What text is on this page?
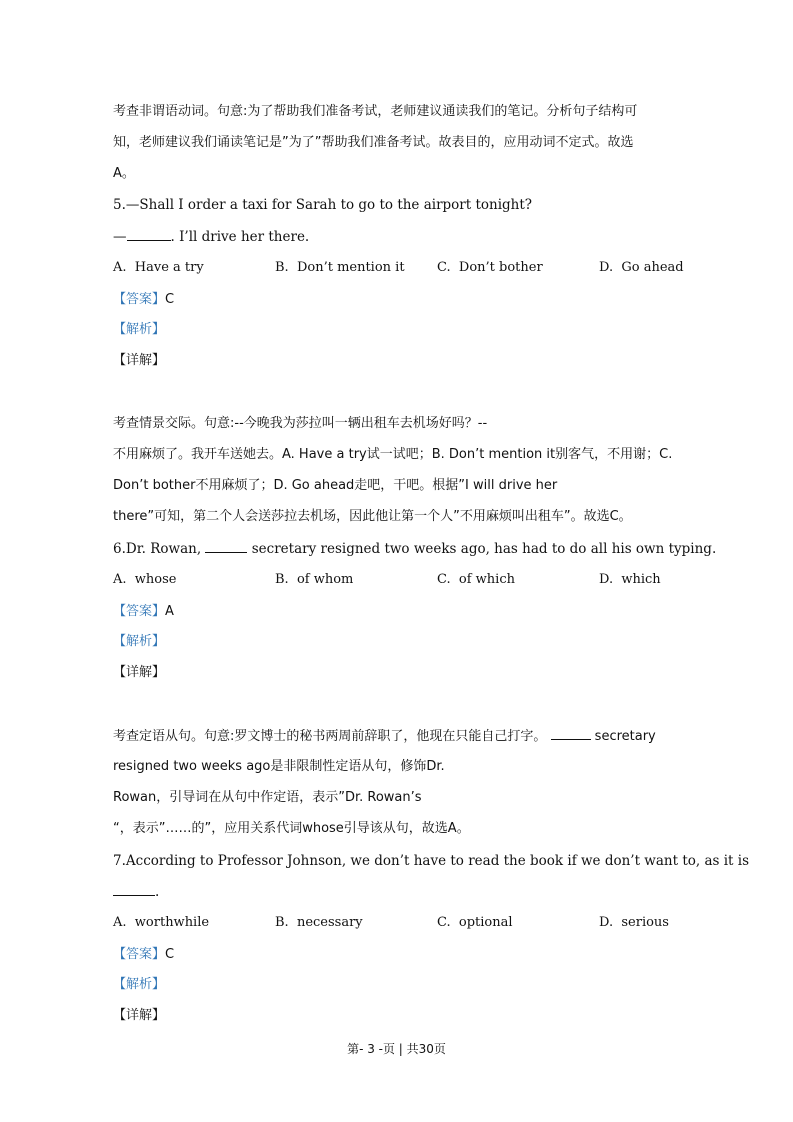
考查非谓语动词。句意:为了帮助我们准备考试，老师建议通读我们的笔记。分析句子结构可
知，老师建议我们诵读笔记是”为了”帮助我们准备考试。故表目的，应用动词不定式。故选
A。
5.—Shall I order a taxi for Sarah to go to the airport tonight?
—	. I’ll drive her there.
A. Have a try	B. Don’t mention it C. Don’t bother	D. Go ahead
【答案】C
【解析】
【详解】
考查情景交际。句意:--今晚我为莎拉叫一辆出租车去机场好吗？--
不用麻烦了。我开车送她去。A. Have a try试一试吧；B. Don’t mention it别客气，不用谢；C.
Don’t bother不用麻烦了；D. Go ahead走吧，干吧。根据”I will drive her
there”可知，第二个人会送莎拉去机场，因此他让第一个人”不用麻烦叫出租车”。故选C。
6.Dr. Rowan,	secretary resigned two weeks ago, has had to do all his own typing.
A. whose	B. of whom	C. of which	D. which
【答案】A
【解析】
【详解】
考查定语从句。句意:罗文博士的秘书两周前辞职了，他现在只能自己打字。	secretary
resigned two weeks ago是非限制性定语从句，修饰Dr.
Rowan，引导词在从句中作定语，表示”Dr. Rowan’s
“，表示”……的”，应用关系代词whose引导该从句，故选A。
7.According to Professor Johnson, we don’t have to read the book if we don’t want to, as it is
.
A. worthwhile	B. necessary	C. optional	D. serious
【答案】C
【解析】
【详解】
第- 3 -页 | 共30页
